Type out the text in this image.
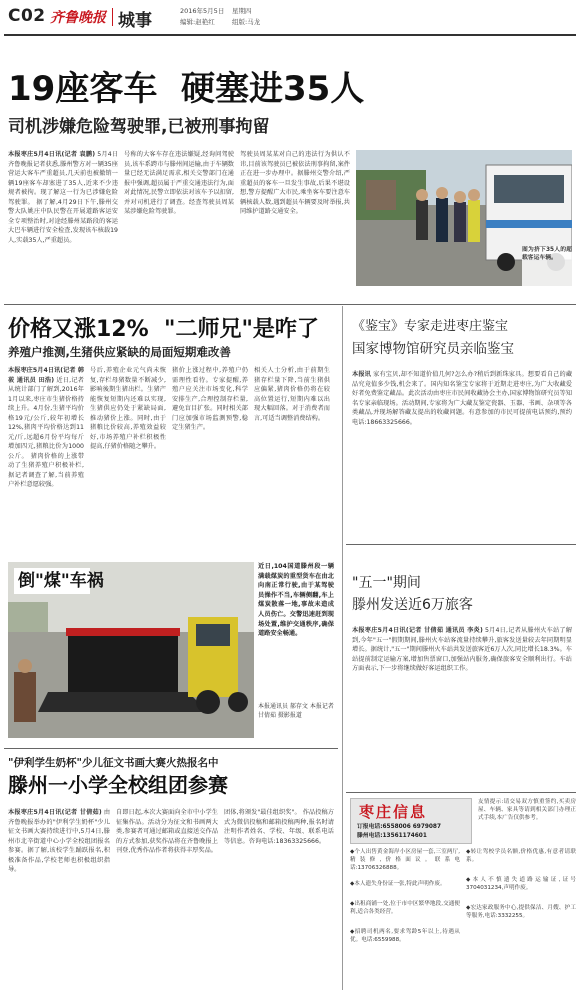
C02 齐鲁晚报 城事	2016年5月5日 星期四
编辑:赵艳红	组版:马龙
19座客车  硬塞进35人
司机涉嫌危险驾驶罪,已被刑事拘留
本报枣庄5月4日讯(记者 袁鹏) 5月4日齐鲁晚报记者获悉,滕州警方对一辆35座营运大客车严重超员,几天前也被撤销一辆19座客车却塞进了35人,近来不少违规者被拘。现了解这一行为已涉嫌危险驾驶罪。 据了解,4月29日下午,滕州交警大队姚庄中队民警在开展道路客运安全专项整治时,对途经滕州某路段的客运大巴车辆进行安全检查,发现该车核载19人,实载35人,严重超员。
号称的大客车存在违法嫌疑,经询问驾驶员,该车系跨市与滕州间运输,由于车辆数量已经无法满足需求,相关交警部门在通报中强调,超员属于严重交通违法行为,面对此情况,民警立即依法对该车予以扣留,并对司机进行了调查。经查驾驶员周某某涉嫌危险驾驶罪。
驾驶员周某某对自己的违法行为供认不讳,目前该驾驶员已被依法刑事拘留,案件正在进一步办理中。据滕州交警介绍,严重超员的客车一旦发生事故,后果不堪设想,警方提醒广大市民,乘坐客车要注意车辆核载人数,遇到超员车辆要及时举报,共同维护道路交通安全。
图为挤下35人的超载客运车辆。
价格又涨12%  "二师兄"是咋了
养殖户推测,生猪供应紧缺的局面短期难改善
本报枣庄5月4日讯(记者 韩莜 通讯员 田浩) 近日,记者从统计部门了解到,2016年1月以来,枣庄市生猪价格持续上升。4月份,生猪平均价格19元/公斤,较年初增长12%,猪肉平均价格达到11元/斤,远超6月份平均每斤增加四元,猪粮比价为1000公斤。 猪肉价格的上涨带动了生猪养殖户积极补栏,据记者调查了解,当前养殖户补栏意愿较强。
号后,养殖企业元气尚未恢复,存栏母猪数量不断减少,影响後期生猪出栏。生猪产能恢复短期内还难以实现,生猪供应仍处于紧缺局面,推动猪价上涨。同时,由于猪粮比价较高,养殖效益较好,市场养殖户补栏积极性提高,仔猪价格随之攀升。
猪价上涨过程中,养殖户仍需理性看待。专家提醒,养殖户应关注市场变化,科学安排生产,合理控制存栏量,避免盲目扩张。同时相关部门应加强市场监测预警,稳定生猪生产。
相关人士分析,由于前期生猪存栏量下降,当前生猪供应偏紧,猪肉价格仍将在较高位置运行,短期内难以出现大幅回落。对于消费者而言,可适当调整消费结构。
倒"煤"车祸
近日,104国道滕州段一辆满载煤炭的重型货车在由北向南正常行驶,由于某驾驶员操作不当,车辆侧翻,车上煤炭散落一地,事故未造成人员伤亡。交警迅速赶到现场处置,维护交通秩序,确保道路安全畅通。
本报通讯员 郝存文 本报记者 甘倩茹 摄影报道
"伊利学生奶杯"少儿征文书画大赛火热报名中
滕州一小学全校组团参赛
本报枣庄5月4日讯(记者 甘倩茹) 由齐鲁晚报举办的"伊利学生奶杯"少儿征文书画大赛持续进行中,5月4日,滕州市北辛街道中心小学全校组团报名参赛。据了解,该校学生踊跃报名,积极准备作品,学校老师也积极组织指导。
自即日起,本次大赛面向全市中小学生征集作品。活动分为征文和书画两大类,参赛者可通过邮箱或直接送交作品的方式参加,获奖作品将在齐鲁晚报上刊登,优秀作品作者将获得丰厚奖品。
团体,将颁发"最佳组织奖"。 作品投稿方式为微信投稿和邮箱投稿两种,报名时请注明作者姓名、学校、年级、联系电话等信息。咨询电话:18363325666。
《鉴宝》专家走进枣庄鉴宝
国家博物馆研究员亲临鉴宝
本报讯 家有宝贝,却不知道价值几何?怎么办?稍后到新珠家具。想要看自己的藏品究竟值多少钱,机会来了。国内知名鉴宝专家将于近期走进枣庄,为广大收藏爱好者免费鉴定藏品。此次活动由枣庄市民间收藏协会主办,国家博物馆研究员等知名专家亲临现场。活动期间,专家将为广大藏友鉴定瓷器、玉器、书画、杂项等各类藏品,并现场解答藏友提出的收藏问题。有意参加的市民可提前电话预约,预约电话:18663325666。
"五一"期间
滕州发送近6万旅客
本报枣庄5月4日讯(记者 甘倩茹 通讯员 李炎) 5月4日,记者从滕州火车站了解到,今年"五一"假期期间,滕州火车站客流量持续攀升,旅客发送量较去年同期明显增长。据统计,"五一"期间滕州火车站共发送旅客近6万人次,同比增长18.3%。车站提前制定运输方案,增加售票窗口,加强站内服务,确保旅客安全顺利出行。车站方面表示,下一步将继续做好客运组织工作。
枣庄信息
订报电话:6558006 6979087
滕州电话:13561174601
友情提示:请交易双方慎重签约,买卖房屋、车辆、家具等请到相关部门办理正式手续,本广告仅供参考。
◆个人出售黄金海岸小区房屋一套,三室两厅,精装修,价格面议。联系电话:13706326888。
◆本人遗失身份证一张,特此声明作废。
◆出租商铺一处,位于市中区繁华地段,交通便利,适合各类经营。
◆招聘司机两名,要求驾龄5年以上,待遇从优。电话:6559988。
◆转让驾校学员名额,价格优惠,有意者请联系。
◆本人不慎遗失道路运输证,证号3704031234,声明作废。
◆宏达家政服务中心,提供保洁、月嫂、护工等服务,电话:3332255。
